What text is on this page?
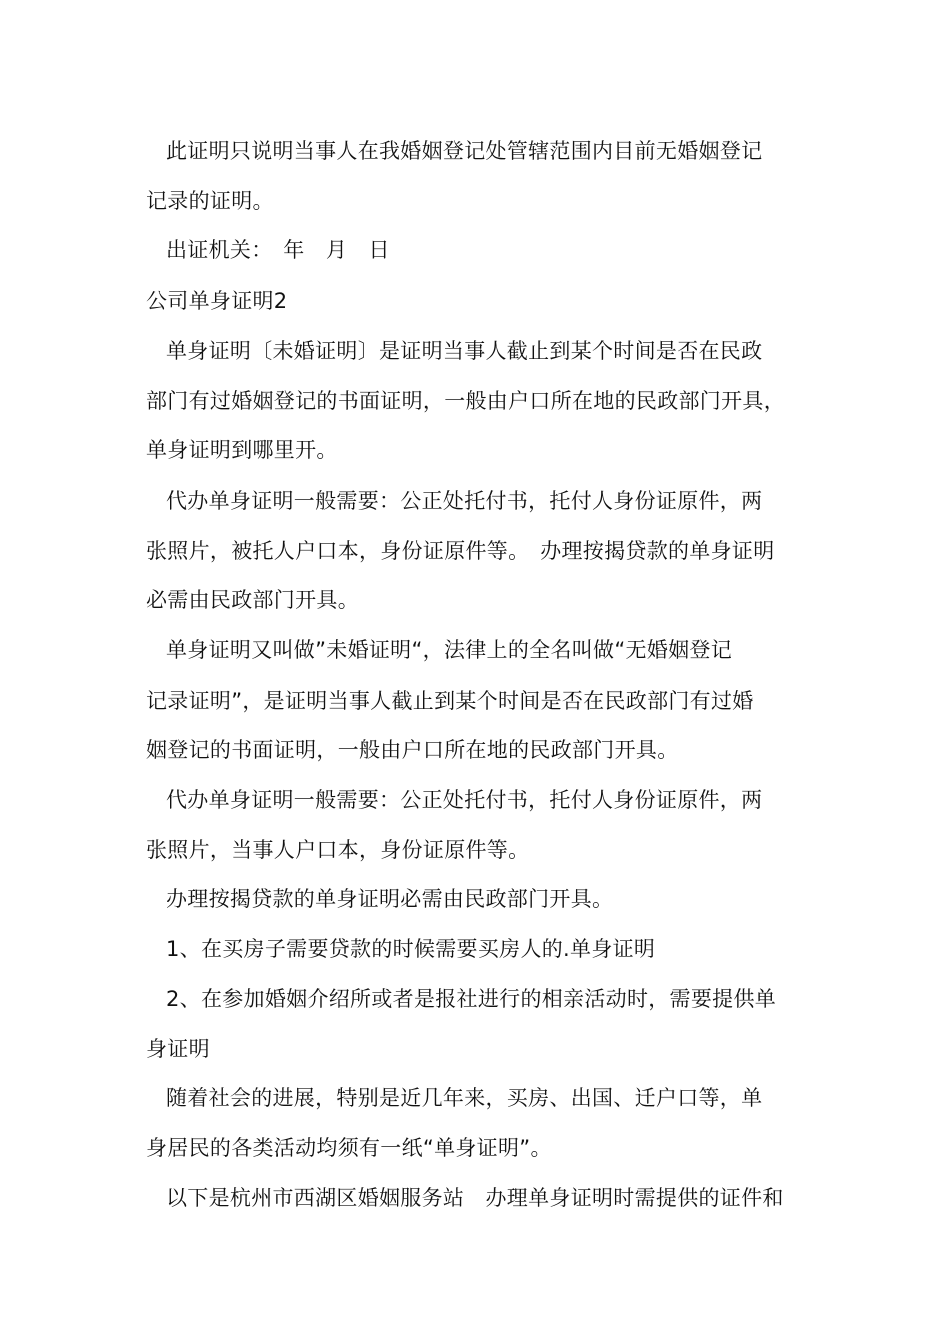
此证明只说明当事人在我婚姻登记处管辖范围内目前无婚姻登记
记录的证明。
出证机关：　年　月　日
公司单身证明2
单身证明〔未婚证明〕是证明当事人截止到某个时间是否在民政
部门有过婚姻登记的书面证明，一般由户口所在地的民政部门开具，
单身证明到哪里开。
代办单身证明一般需要：公正处托付书，托付人身份证原件，两
张照片，被托人户口本，身份证原件等。　办理按揭贷款的单身证明
必需由民政部门开具。
单身证明又叫做”未婚证明“，法律上的全名叫做“无婚姻登记
记录证明”，是证明当事人截止到某个时间是否在民政部门有过婚
姻登记的书面证明，一般由户口所在地的民政部门开具。
代办单身证明一般需要：公正处托付书，托付人身份证原件，两
张照片，当事人户口本，身份证原件等。
办理按揭贷款的单身证明必需由民政部门开具。
1、在买房子需要贷款的时候需要买房人的.单身证明
2、在参加婚姻介绍所或者是报社进行的相亲活动时，需要提供单
身证明
随着社会的进展，特别是近几年来，买房、出国、迁户口等，单
身居民的各类活动均须有一纸“单身证明”。
以下是杭州市西湖区婚姻服务站　办理单身证明时需提供的证件和
